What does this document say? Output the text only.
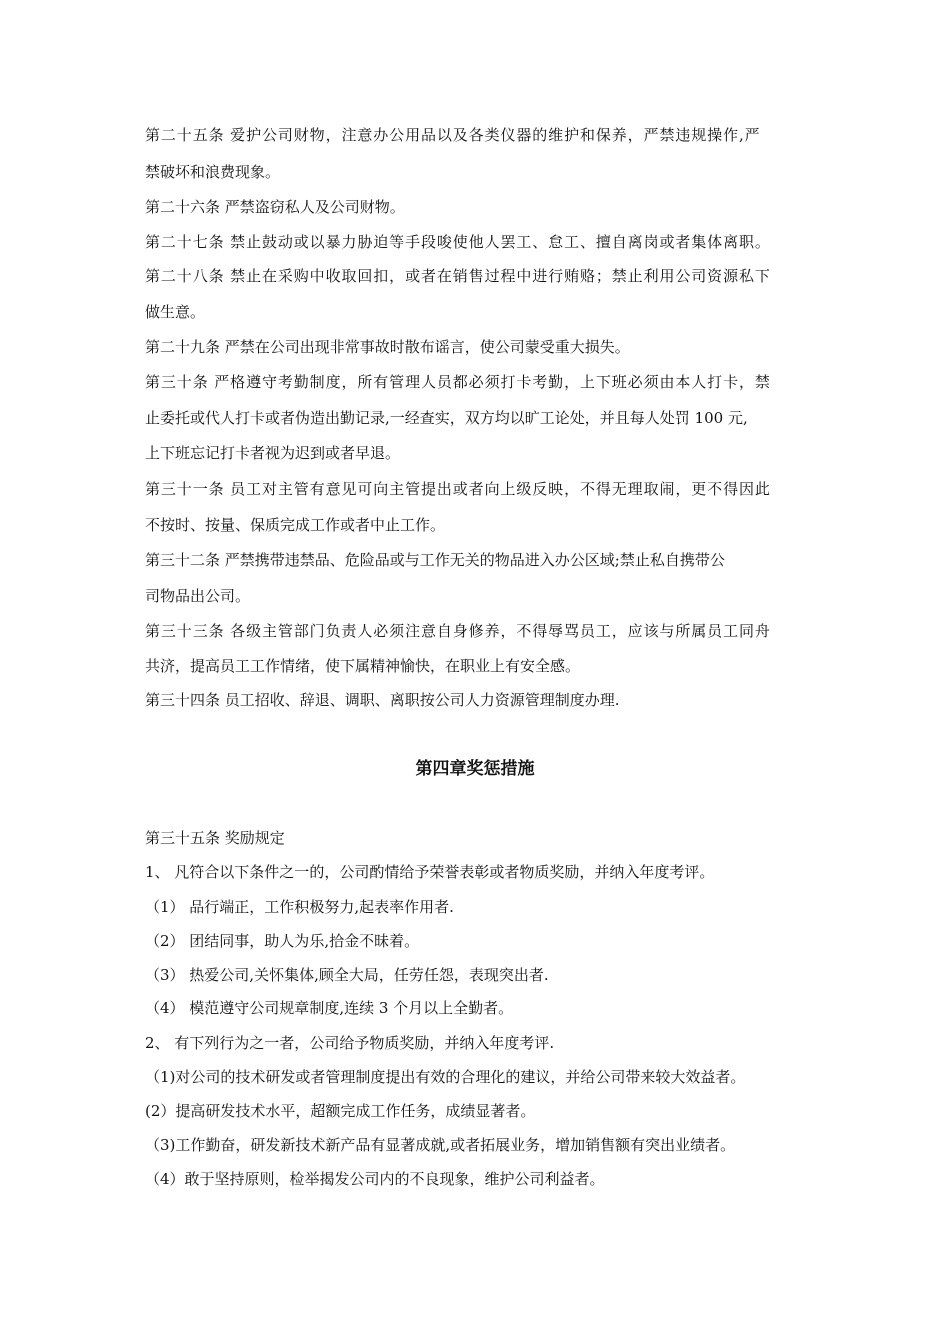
第二十五条 爱护公司财物，注意办公用品以及各类仪器的维护和保养，严禁违规操作,严
禁破坏和浪费现象。
第二十六条 严禁盗窃私人及公司财物。
第二十七条 禁止鼓动或以暴力胁迫等手段唆使他人罢工、怠工、擅自离岗或者集体离职。
第二十八条 禁止在采购中收取回扣，或者在销售过程中进行贿赂；禁止利用公司资源私下
做生意。
第二十九条 严禁在公司出现非常事故时散布谣言，使公司蒙受重大损失。
第三十条 严格遵守考勤制度，所有管理人员都必须打卡考勤，上下班必须由本人打卡，禁
止委托或代人打卡或者伪造出勤记录,一经查实，双方均以旷工论处，并且每人处罚 100 元,
上下班忘记打卡者视为迟到或者早退。
第三十一条 员工对主管有意见可向主管提出或者向上级反映，不得无理取闹，更不得因此
不按时、按量、保质完成工作或者中止工作。
第三十二条 严禁携带违禁品、危险品或与工作无关的物品进入办公区域;禁止私自携带公
司物品出公司。
第三十三条 各级主管部门负责人必须注意自身修养，不得辱骂员工，应该与所属员工同舟
共济，提高员工工作情绪，使下属精神愉快，在职业上有安全感。
第三十四条 员工招收、辞退、调职、离职按公司人力资源管理制度办理.
第四章奖惩措施
第三十五条 奖励规定
1、 凡符合以下条件之一的，公司酌情给予荣誉表彰或者物质奖励，并纳入年度考评。
（1） 品行端正，工作积极努力,起表率作用者.
（2） 团结同事，助人为乐,拾金不昧着。
（3） 热爱公司,关怀集体,顾全大局，任劳任怨，表现突出者.
（4） 模范遵守公司规章制度,连续 3 个月以上全勤者。
2、 有下列行为之一者，公司给予物质奖励，并纳入年度考评.
（1)对公司的技术研发或者管理制度提出有效的合理化的建议，并给公司带来较大效益者。
(2）提高研发技术水平，超额完成工作任务，成绩显著者。
（3)工作勤奋，研发新技术新产品有显著成就,或者拓展业务，增加销售额有突出业绩者。
（4）敢于坚持原则，检举揭发公司内的不良现象，维护公司利益者。
